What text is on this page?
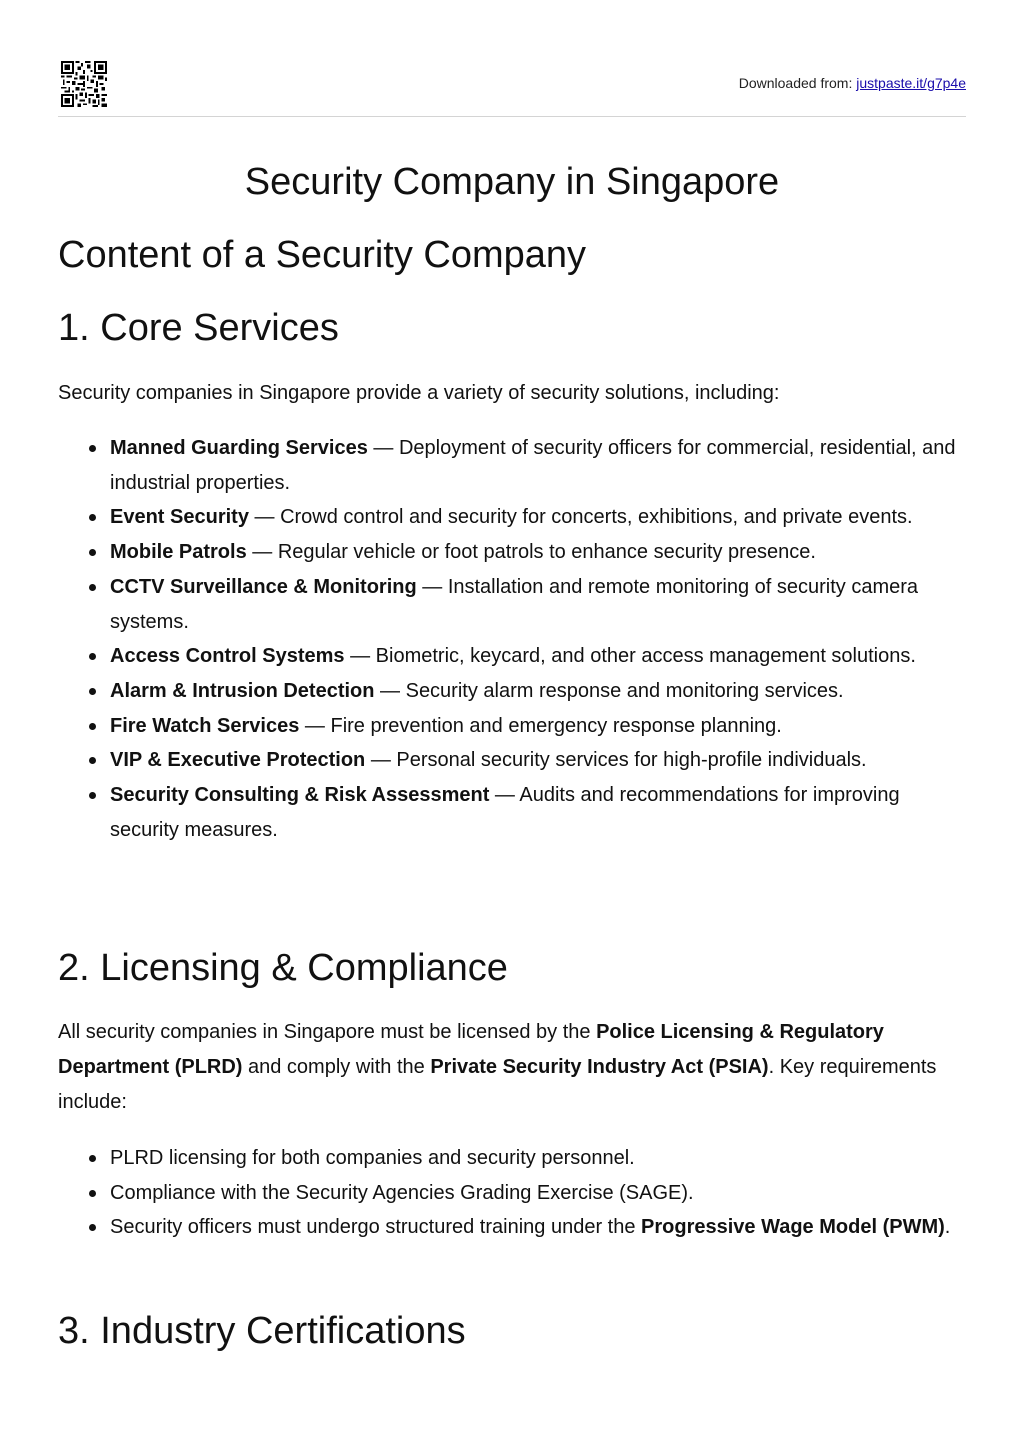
Downloaded from: justpaste.it/g7p4e
Security Company in Singapore
Content of a Security Company
1. Core Services

Security companies in Singapore provide a variety of security solutions, including:

Manned Guarding Services — Deployment of security officers for commercial, residential, and industrial properties.
Event Security — Crowd control and security for concerts, exhibitions, and private events.
Mobile Patrols — Regular vehicle or foot patrols to enhance security presence.
CCTV Surveillance & Monitoring — Installation and remote monitoring of security camera systems.
Access Control Systems — Biometric, keycard, and other access management solutions.
Alarm & Intrusion Detection — Security alarm response and monitoring services.
Fire Watch Services — Fire prevention and emergency response planning.
VIP & Executive Protection — Personal security services for high-profile individuals.
Security Consulting & Risk Assessment — Audits and recommendations for improving security measures.
2. Licensing & Compliance

All security companies in Singapore must be licensed by the Police Licensing & Regulatory Department (PLRD) and comply with the Private Security Industry Act (PSIA). Key requirements include:

PLRD licensing for both companies and security personnel.
Compliance with the Security Agencies Grading Exercise (SAGE).
Security officers must undergo structured training under the Progressive Wage Model (PWM).
3. Industry Certifications
